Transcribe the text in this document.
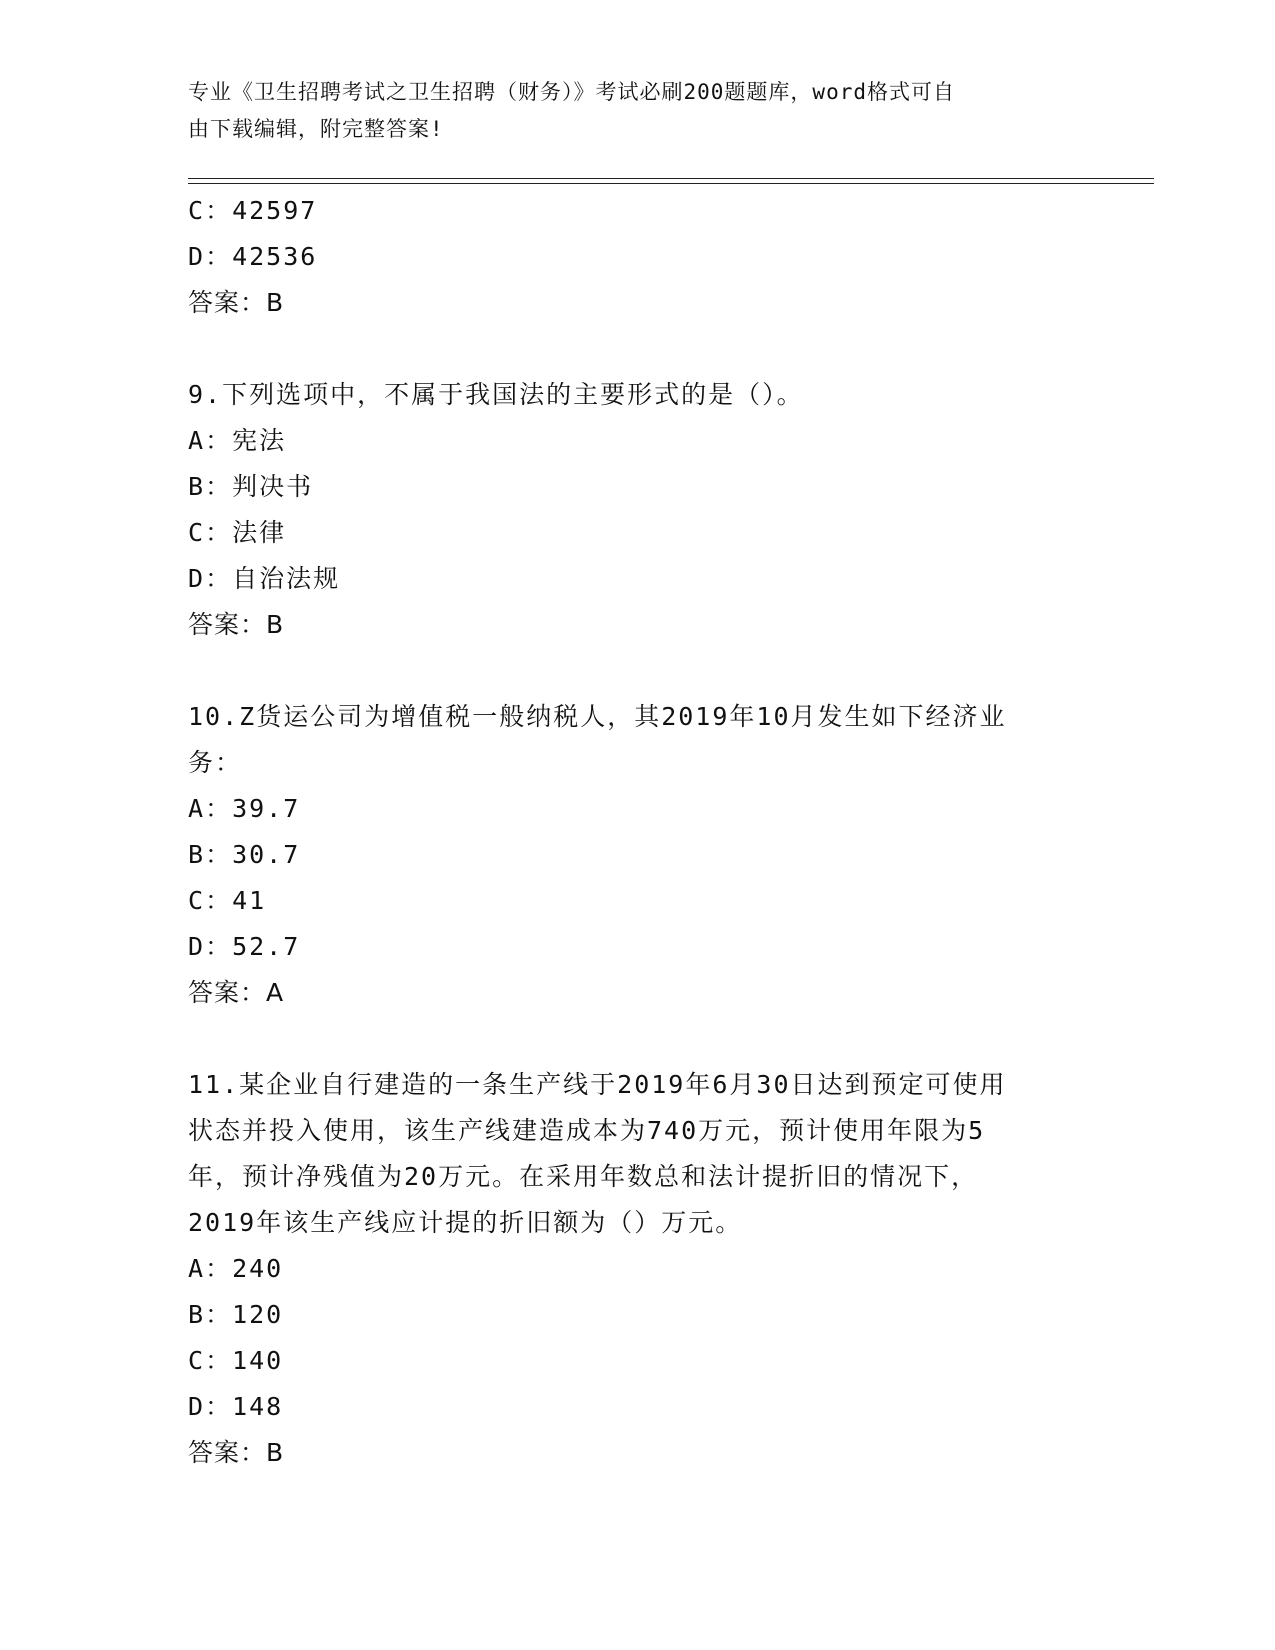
专业《卫生招聘考试之卫生招聘（财务）》考试必刷200题题库，word格式可自
由下载编辑，附完整答案!
C：42597
D：42536
答案：B
9.下列选项中，不属于我国法的主要形式的是（）。
A：宪法
B：判决书
C：法律
D：自治法规
答案：B
10.Z货运公司为增值税一般纳税人，其2019年10月发生如下经济业
务：
A：39.7
B：30.7
C：41
D：52.7
答案：A
11.某企业自行建造的一条生产线于2019年6月30日达到预定可使用
状态并投入使用，该生产线建造成本为740万元，预计使用年限为5
年，预计净残值为20万元。在采用年数总和法计提折旧的情况下，
2019年该生产线应计提的折旧额为（）万元。
A：240
B：120
C：140
D：148
答案：B
